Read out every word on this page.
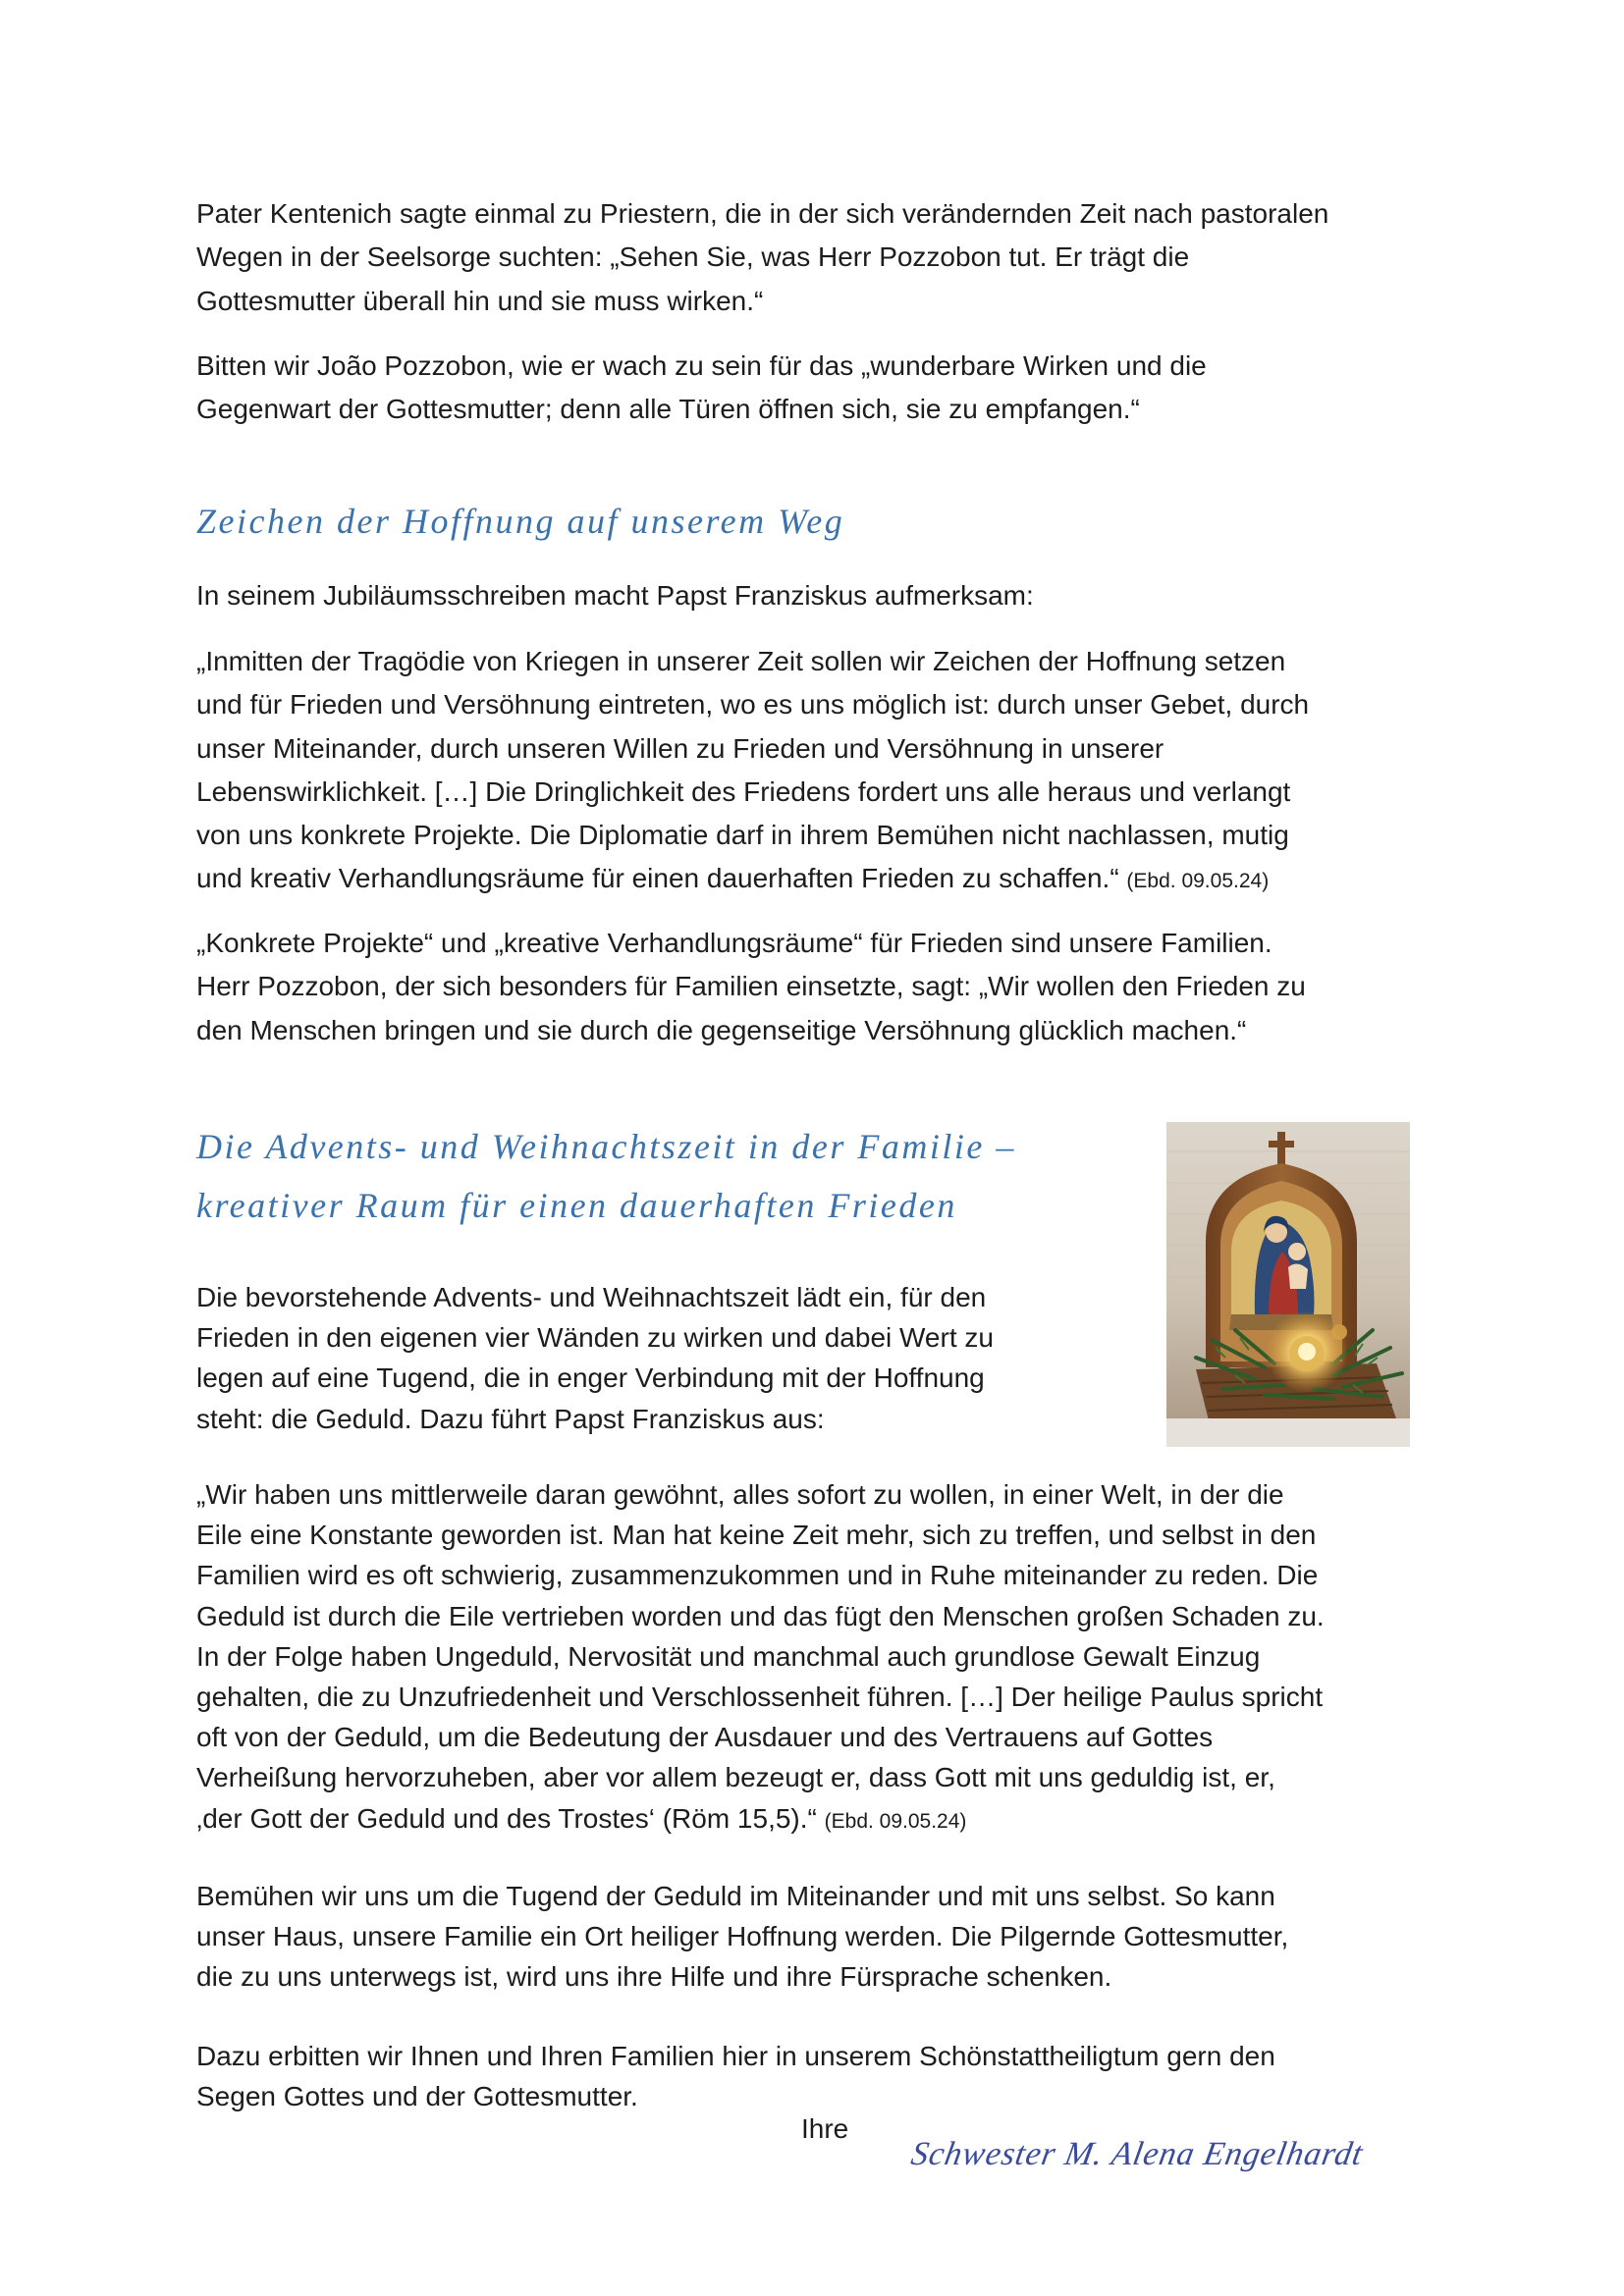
Pater Kentenich sagte einmal zu Priestern, die in der sich verändernden Zeit nach pastoralen
Wegen in der Seelsorge suchten: „Sehen Sie, was Herr Pozzobon tut. Er trägt die
Gottesmutter überall hin und sie muss wirken.“
Bitten wir João Pozzobon, wie er wach zu sein für das „wunderbare Wirken und die
Gegenwart der Gottesmutter; denn alle Türen öffnen sich, sie zu empfangen.“
Zeichen der Hoffnung auf unserem Weg
In seinem Jubiläumsschreiben macht Papst Franziskus aufmerksam:
„Inmitten der Tragödie von Kriegen in unserer Zeit sollen wir Zeichen der Hoffnung setzen
und für Frieden und Versöhnung eintreten, wo es uns möglich ist: durch unser Gebet, durch
unser Miteinander, durch unseren Willen zu Frieden und Versöhnung in unserer
Lebenswirklichkeit. […] Die Dringlichkeit des Friedens fordert uns alle heraus und verlangt
von uns konkrete Projekte. Die Diplomatie darf in ihrem Bemühen nicht nachlassen, mutig
und kreativ Verhandlungsräume für einen dauerhaften Frieden zu schaffen.“ (Ebd. 09.05.24)
„Konkrete Projekte“ und „kreative Verhandlungsräume“ für Frieden sind unsere Familien.
Herr Pozzobon, der sich besonders für Familien einsetzte, sagt: „Wir wollen den Frieden zu
den Menschen bringen und sie durch die gegenseitige Versöhnung glücklich machen.“
Die Advents- und Weihnachtszeit in der Familie –
kreativer Raum für einen dauerhaften Frieden
Die bevorstehende Advents- und Weihnachtszeit lädt ein, für den
Frieden in den eigenen vier Wänden zu wirken und dabei Wert zu
legen auf eine Tugend, die in enger Verbindung mit der Hoffnung
steht: die Geduld. Dazu führt Papst Franziskus aus:
„Wir haben uns mittlerweile daran gewöhnt, alles sofort zu wollen, in einer Welt, in der die
Eile eine Konstante geworden ist. Man hat keine Zeit mehr, sich zu treffen, und selbst in den
Familien wird es oft schwierig, zusammenzukommen und in Ruhe miteinander zu reden. Die
Geduld ist durch die Eile vertrieben worden und das fügt den Menschen großen Schaden zu.
In der Folge haben Ungeduld, Nervosität und manchmal auch grundlose Gewalt Einzug
gehalten, die zu Unzufriedenheit und Verschlossenheit führen. […] Der heilige Paulus spricht
oft von der Geduld, um die Bedeutung der Ausdauer und des Vertrauens auf Gottes
Verheißung hervorzuheben, aber vor allem bezeugt er, dass Gott mit uns geduldig ist, er,
‚der Gott der Geduld und des Trostes‘ (Röm 15,5).“ (Ebd. 09.05.24)
Bemühen wir uns um die Tugend der Geduld im Miteinander und mit uns selbst. So kann
unser Haus, unsere Familie ein Ort heiliger Hoffnung werden. Die Pilgernde Gottesmutter,
die zu uns unterwegs ist, wird uns ihre Hilfe und ihre Fürsprache schenken.
Dazu erbitten wir Ihnen und Ihren Familien hier in unserem Schönstattheiligtum gern den
Segen Gottes und der Gottesmutter.
Ihre
Schwester M. Alena Engelhardt
